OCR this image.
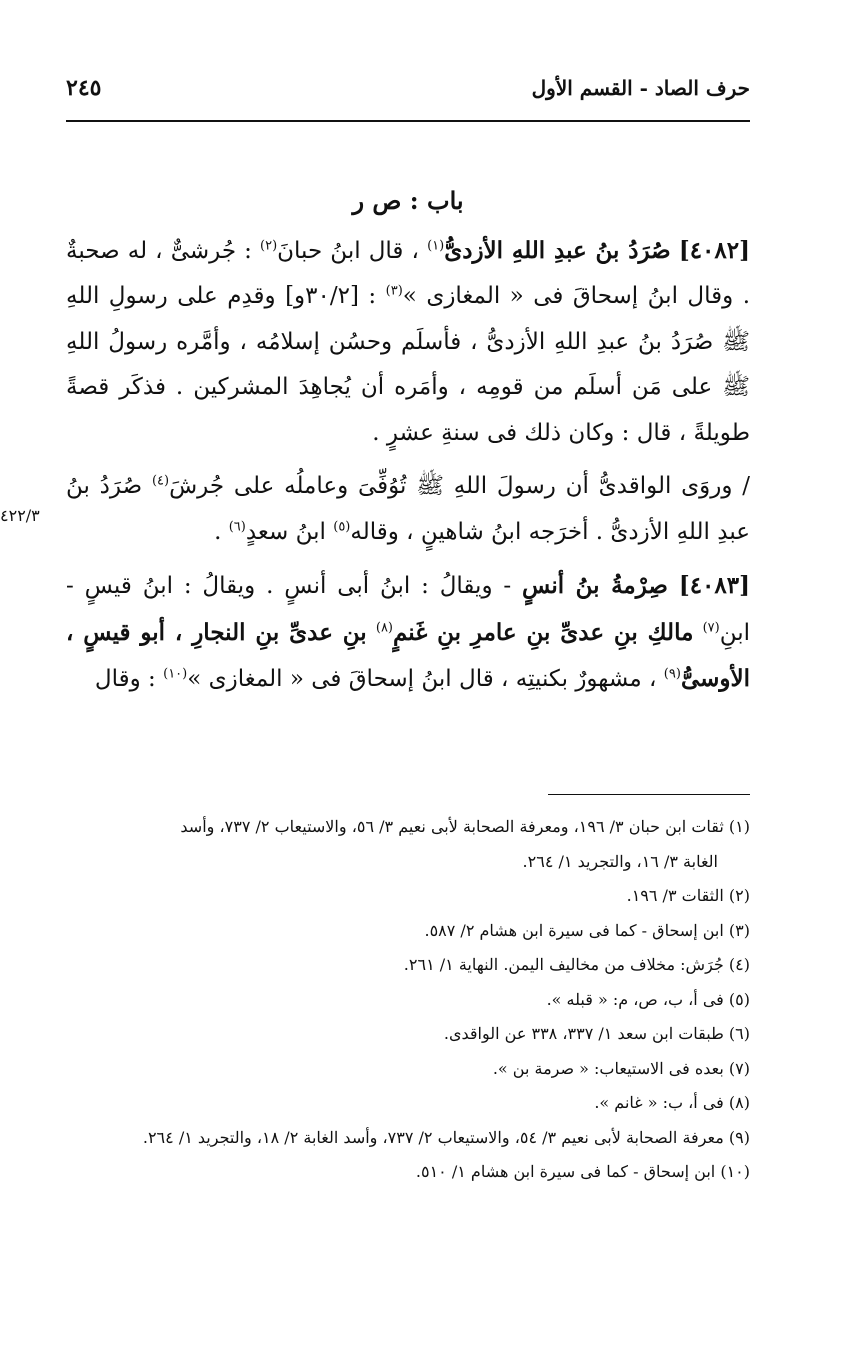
٢٤٥	حرف الصاد - القسم الأول
٤٢٢/٣
باب : ص ر

[٤٠٨٢] صُرَدُ بنُ عبدِ اللهِ الأزدىُّ$^{(١)}$ ، قال ابنُ حبانَ$^{(٢)}$ : جُرشىٌّ ، له صحبةٌ . وقال ابنُ إسحاقَ فى « المغازى »$^{(٣)}$ : [٣٠/٢و] وقدِم على رسولِ اللهِ ﷺ صُرَدُ بنُ عبدِ اللهِ الأزدىُّ ، فأسلَم وحسُن إسلامُه ، وأمَّره رسولُ اللهِ ﷺ على مَن أسلَم من قومِه ، وأمَره أن يُجاهِدَ المشركين . فذكَر قصةً طويلةً ، قال : وكان ذلك فى سنةِ عشرٍ .

/ وروَى الواقدىُّ أن رسولَ اللهِ ﷺ تُوُفِّىَ وعاملُه على جُرشَ$^{(٤)}$ صُرَدُ بنُ عبدِ اللهِ الأزدىُّ . أخرَجه ابنُ شاهينٍ ، وقاله$^{(٥)}$ ابنُ سعدٍ$^{(٦)}$ .

[٤٠٨٣] صِرْمةُ بنُ أنسٍ - ويقالُ : ابنُ أبى أنسٍ . ويقالُ : ابنُ قيسٍ - ابنِ$^{(٧)}$ مالكِ بنِ عدىِّ بنِ عامرِ بنِ غَنمٍ$^{(٨)}$ بنِ عدىِّ بنِ النجارِ ، أبو قيسٍ ، الأوسىُّ$^{(٩)}$ ، مشهورٌ بكنيتِه ، قال ابنُ إسحاقَ فى « المغازى »$^{(١٠)}$ : وقال

(١) ثقات ابن حبان ٣/ ١٩٦، ومعرفة الصحابة لأبى نعيم ٣/ ٥٦، والاستيعاب ٢/ ٧٣٧، وأسد

الغابة ٣/ ١٦، والتجريد ١/ ٢٦٤.

(٢) الثقات ٣/ ١٩٦.

(٣) ابن إسحاق - كما فى سيرة ابن هشام ٢/ ٥٨٧.

(٤) جُرَش: مخلاف من مخاليف اليمن. النهاية ١/ ٢٦١.

(٥) فى أ، ب، ص، م: « قبله ».

(٦) طبقات ابن سعد ١/ ٣٣٧، ٣٣٨ عن الواقدى.

(٧) بعده فى الاستيعاب: « صرمة بن ».

(٨) فى أ، ب: « غانم ».

(٩) معرفة الصحابة لأبى نعيم ٣/ ٥٤، والاستيعاب ٢/ ٧٣٧، وأسد الغابة ٢/ ١٨، والتجريد ١/ ٢٦٤.

(١٠) ابن إسحاق - كما فى سيرة ابن هشام ١/ ٥١٠.
